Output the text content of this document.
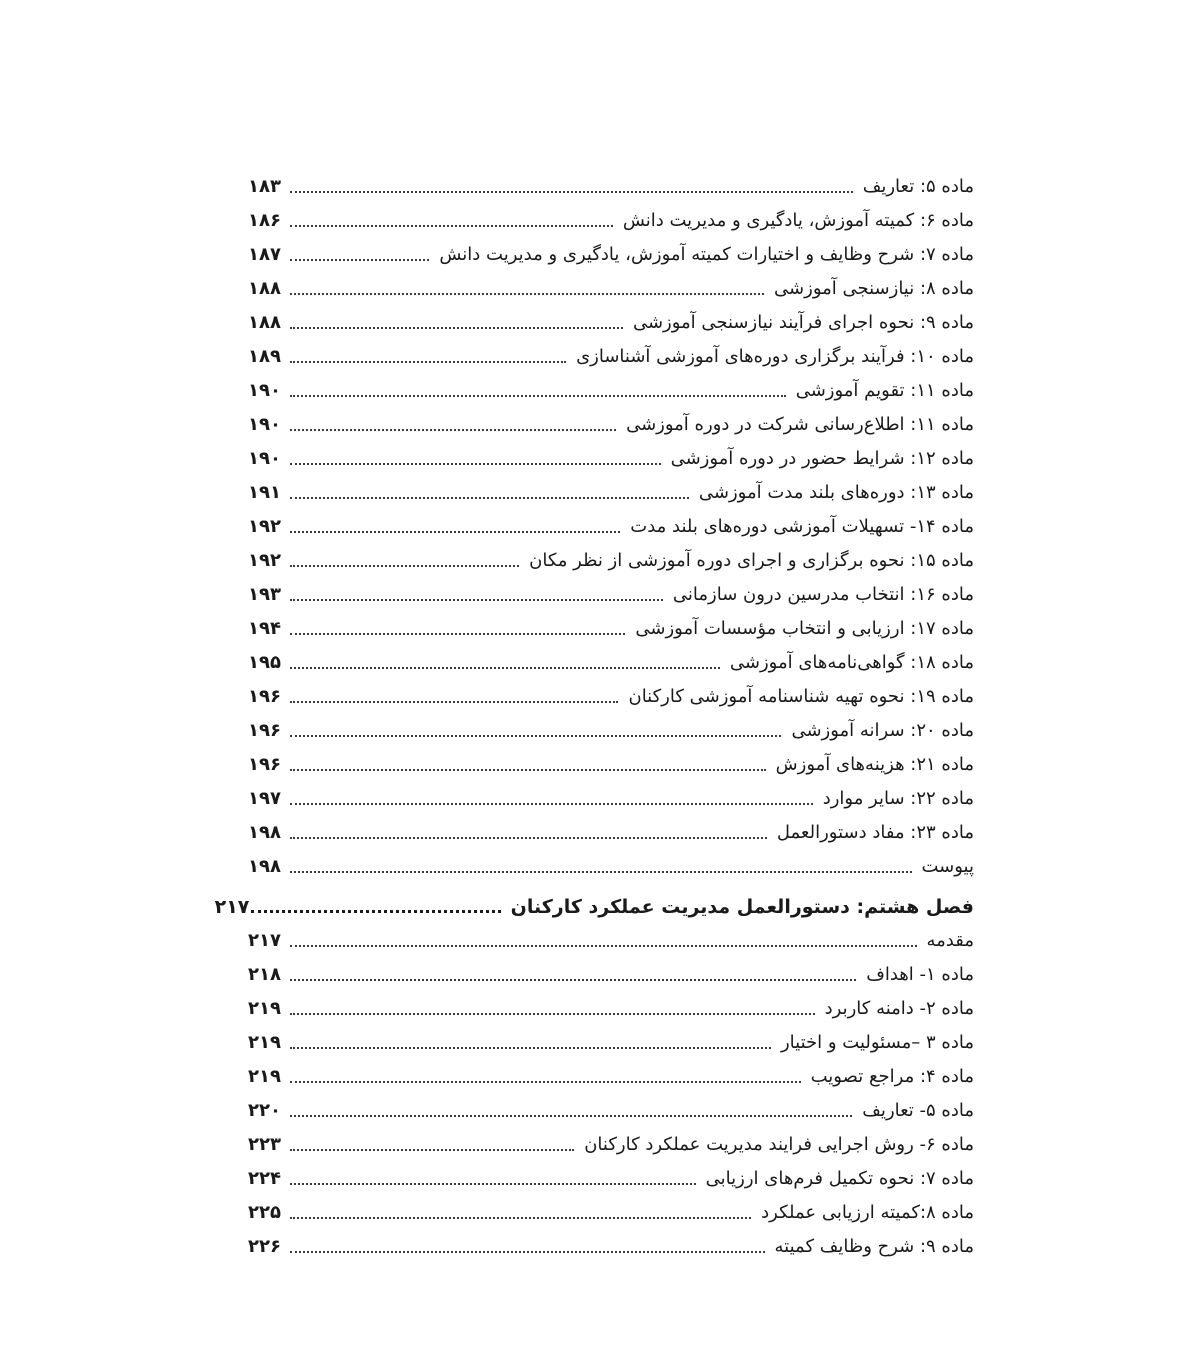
ماده ۵: تعاریف
۱۸۳
ماده ۶: کمیته آموزش، یادگیری و مدیریت دانش
۱۸۶
ماده ۷: شرح وظایف و اختیارات کمیته آموزش، یادگیری و مدیریت دانش
۱۸۷
ماده ۸: نیازسنجی آموزشی
۱۸۸
ماده ۹: نحوه اجرای فرآیند نیازسنجی آموزشی
۱۸۸
ماده ۱۰: فرآیند برگزاری دوره‌های آموزشی آشناسازی
۱۸۹
ماده ۱۱: تقویم آموزشی
۱۹۰
ماده ۱۱: اطلاع‌رسانی شرکت در دوره آموزشی
۱۹۰
ماده ۱۲: شرایط حضور در دوره آموزشی
۱۹۰
ماده ۱۳: دوره‌های بلند مدت آموزشی
۱۹۱
ماده ۱۴- تسهیلات آموزشی دوره‌های بلند مدت
۱۹۲
ماده ۱۵: نحوه برگزاری و اجرای دوره آموزشی از نظر مکان
۱۹۲
ماده ۱۶: انتخاب مدرسین درون سازمانی
۱۹۳
ماده ۱۷: ارزیابی و انتخاب مؤسسات آموزشی
۱۹۴
ماده ۱۸: گواهی‌نامه‌های آموزشی
۱۹۵
ماده ۱۹: نحوه تهیه شناسنامه آموزشی کارکنان
۱۹۶
ماده ۲۰: سرانه آموزشی
۱۹۶
ماده ۲۱: هزینه‌های آموزش
۱۹۶
ماده ۲۲: سایر موارد
۱۹۷
ماده ۲۳: مفاد دستورالعمل
۱۹۸
پیوست
۱۹۸
فصل هشتم: دستورالعمل مدیریت عملکرد کارکنان
۲۱۷
مقدمه
۲۱۷
ماده ۱- اهداف
۲۱۸
ماده ۲- دامنه کاربرد
۲۱۹
ماده ۳ –مسئولیت و اختیار
۲۱۹
ماده ۴: مراجع تصویب
۲۱۹
ماده ۵- تعاریف
۲۲۰
ماده ۶- روش اجرایی فرایند مدیریت عملکرد کارکنان
۲۲۳
ماده ۷: نحوه تکمیل فرم‌های ارزیابی
۲۲۴
ماده ۸:کمیته ارزیابی عملکرد
۲۲۵
ماده ۹: شرح وظایف کمیته
۲۲۶
